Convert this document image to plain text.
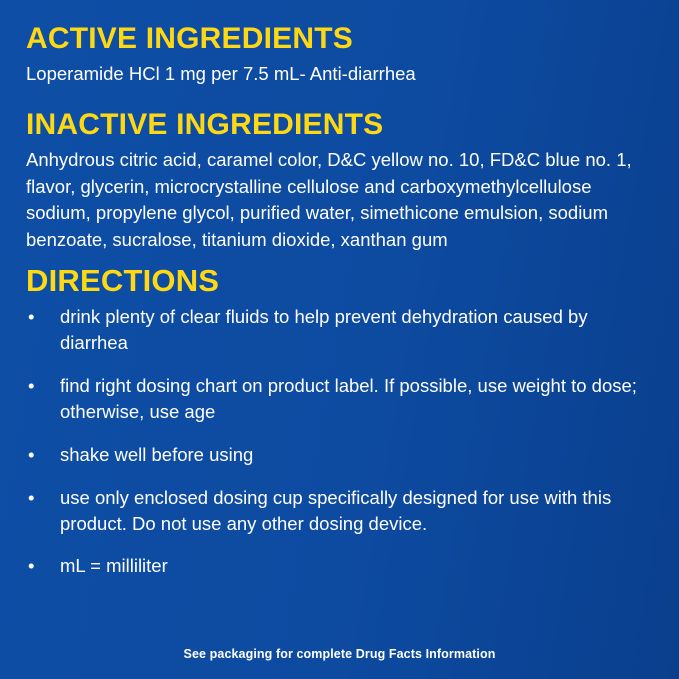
ACTIVE INGREDIENTS

Loperamide HCl 1 mg per 7.5 mL- Anti-diarrhea

INACTIVE INGREDIENTS

Anhydrous citric acid, caramel color, D&C yellow no. 10, FD&C blue no. 1, flavor, glycerin, microcrystalline cellulose and carboxymethylcellulose sodium, propylene glycol, purified water, simethicone emulsion, sodium benzoate, sucralose, titanium dioxide, xanthan gum

DIRECTIONS
•	drink plenty of clear fluids to help prevent dehydration caused by diarrhea
•	find right dosing chart on product label. If possible, use weight to dose; otherwise, use age
•	shake well before using
•	use only enclosed dosing cup specifically designed for use with this product. Do not use any other dosing device.
•	mL = milliliter
See packaging for complete Drug Facts Information
